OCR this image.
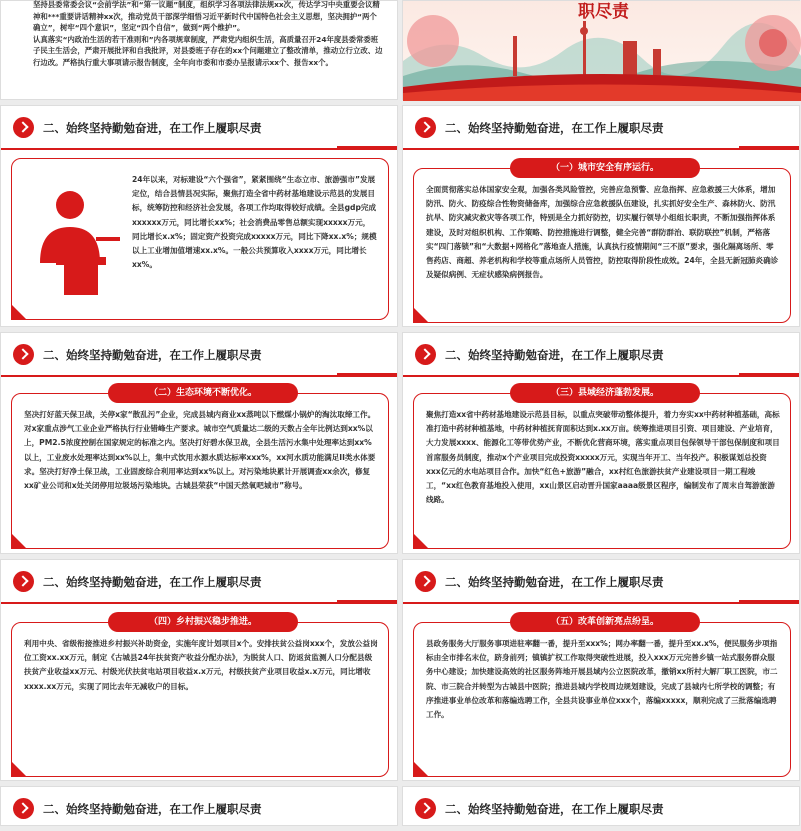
坚持县委常委会议“会前学法”和“第一议题”制度，组织学习各项法律法规xx次，传达学习中央重要会议精神和***重要讲话精神xx次，推动党员干部深学细悟习近平新时代中国特色社会主义思想，坚决拥护“两个确立”，树牢“四个意识”，坚定“四个自信”，做到“两个维护”。
认真落实“内政治生活的若干准则和”内各项规章制度，严肃党内组织生活，高质量召开24年度县委常委班子民主生活会，严肃开展批评和自我批评，对县委班子存在的xx个问题建立了整改清单，推动立行立改、边行边改。严格执行重大事项请示报告制度，全年向市委和市委办呈报请示xx个、报告xx个。
职尽责
二、始终坚持勤勉奋进，在工作上履职尽责
24年以来，对标建设“六个强省”，紧紧围绕“生态立市、旅游强市”发展定位，结合县情县况实际，聚焦打造全省中药材基地建设示范县的发展目标，统筹防控和经济社会发展，各项工作均取得较好成绩。全县gdp完成xxxxxx万元，同比增长xx%；社会消费品零售总额实现xxxxx万元，同比增长x.x%；固定资产投资完成xxxxx万元，同比下降xx.x%；规模以上工业增加值增速xx.x%。一般公共预算收入xxxx万元，同比增长xx%。
二、始终坚持勤勉奋进，在工作上履职尽责
（一）城市安全有序运行。
全面贯彻落实总体国家安全观，加强各类风险管控，完善应急预警、应急指挥、应急救援三大体系，增加防汛、防火、防疫综合性物资储备库，加强综合应急救援队伍建设，扎实抓好安全生产、森林防火、防汛抗旱、防灾减灾救灾等各项工作，特别是全力抓好防控，切实履行领导小组组长职责，不断加强指挥体系建设，及时对组织机构、工作策略、防控措施进行调整，健全完善“群防群治、联防联控”机制，严格落实“四门落锁”和“大数据+网格化”落地查人措施，认真执行疫情期间“三不原”要求，强化隔离场所、零售药店、商超、养老机构和学校等重点场所人员管控，防控取得阶段性成效。24年，全县无新冠肺炎确诊及疑似病例、无症状感染病例报告。
二、始终坚持勤勉奋进，在工作上履职尽责
（二）生态环境不断优化。
坚决打好蓝天保卫战，关停x家“散乱污”企业，完成县城内商业xx蒸吨以下燃煤小锅炉的淘汰取缔工作。对x家重点涉气工业企业严格执行行业错峰生产要求。城市空气质量达二级的天数占全年比例达到xx%以上，PM2.5浓度控制在国家规定的标准之内。坚决打好碧水保卫战，全县生活污水集中处理率达到xx%以上，工业废水处理率达到xx%以上，集中式饮用水源水质达标率xxx%，xx河水质功能满足II类水体要求。坚决打好净土保卫战，工业固废综合利用率达到xx%以上。对污染地块累计开展调查xx余次，修复xx矿业公司和x处关闭停用垃圾场污染地块。古城县荣获“中国天然氧吧城市”称号。
二、始终坚持勤勉奋进，在工作上履职尽责
（三）县域经济蓬勃发展。
聚焦打造xx省中药材基地建设示范县目标，以重点突破带动整体提升，着力夯实xx中药材种植基础，高标准打造中药材种植基地，中药材种植抚育面积达到x.xx万亩。统筹推进项目引资、项目建设、产业培育，大力发展xxxx、能源化工等带优势产业，不断优化营商环境，落实重点项目包保领导干部包保制度和项目首席服务员制度，推动x个产业项目完成投资xxxxx万元，实现当年开工、当年投产。积极谋划总投资xxx亿元的水电站项目合作。加快“红色+旅游”融合，xx村红色旅游扶贫产业建设项目一期工程竣工，“xx红色教育基地投入使用，xx山景区启动晋升国家aaaa级景区程序，编制发布了周末自驾游旅游线路。
二、始终坚持勤勉奋进，在工作上履职尽责
（四）乡村振兴稳步推进。
利用中央、省级衔接推进乡村振兴补助资金，实施年度计划项目x个。安排扶贫公益岗xxx个，发放公益岗位工资xx.xx万元，制定《古城县24年扶贫资产收益分配办法》，为脱贫人口、防返贫监测人口分配县级扶贫产业收益xx万元、村级光伏扶贫电站项目收益x.x万元，村级扶贫产业项目收益x.x万元，同比增收xxxx.xx万元，实现了同比去年无减收户的目标。
二、始终坚持勤勉奋进，在工作上履职尽责
（五）改革创新亮点纷呈。
县政务服务大厅服务事项进驻率翻一番，提升至xxx%；网办率翻一番，提升至xx.x%，便民服务步项指标由全市排名末位，跻身前列；镇镇扩权工作取得突破性进展，投入xxx万元完善乡镇一站式服务群众服务中心建设；加快建设高效的社区服务阵地开展县域内公立医院改革，撤销xx所村大解厂职工医院，市二院、市三院合并转型为古城县中医院；推进县城内学校周边规划建设，完成了县城内七所学校的调整；有序推进事业单位改革和落编选聘工作，全县共设事业单位xxx个，落编xxxxx，顺利完成了三批落编选聘工作。
二、始终坚持勤勉奋进，在工作上履职尽责	二、始终坚持勤勉奋进，在工作上履职尽责
